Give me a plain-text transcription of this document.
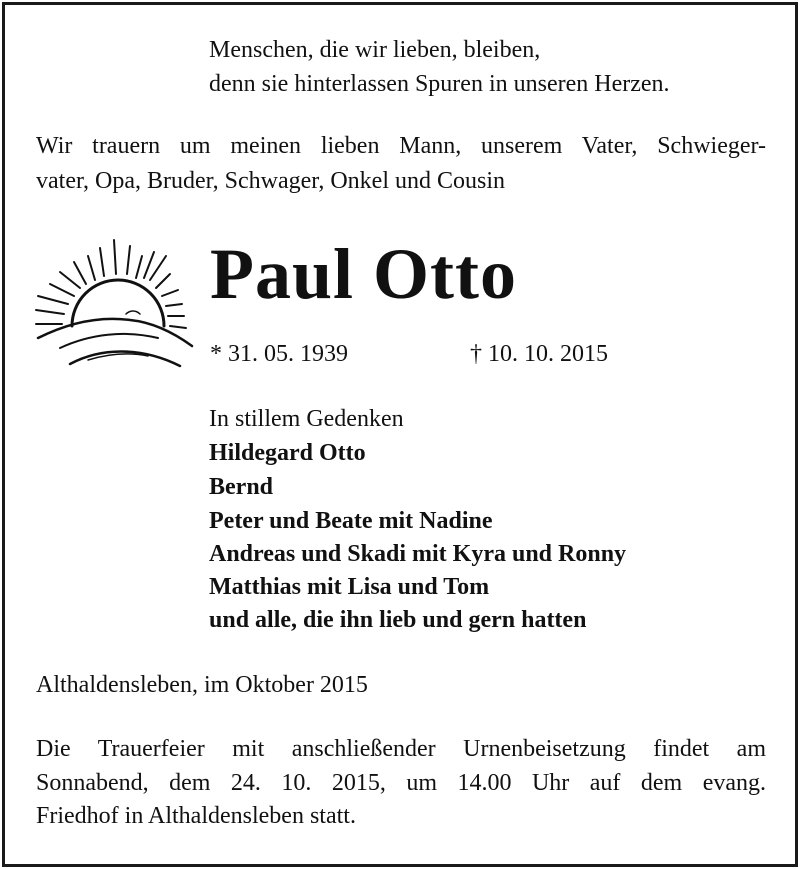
Menschen, die wir lieben, bleiben,
denn sie hinterlassen Spuren in unseren Herzen.
Wir trauern um meinen lieben Mann, unserem Vater, Schwieger-
vater, Opa, Bruder, Schwager, Onkel und Cousin
Paul Otto
* 31. 05. 1939	† 10. 10. 2015
In stillem Gedenken
Hildegard Otto
Bernd
Peter und Beate mit Nadine
Andreas und Skadi mit Kyra und Ronny
Matthias mit Lisa und Tom
und alle, die ihn lieb und gern hatten
Althaldensleben, im Oktober 2015
Die Trauerfeier mit anschließender Urnenbeisetzung findet am
Sonnabend, dem 24. 10. 2015, um 14.00 Uhr auf dem evang.
Friedhof in Althaldensleben statt.
